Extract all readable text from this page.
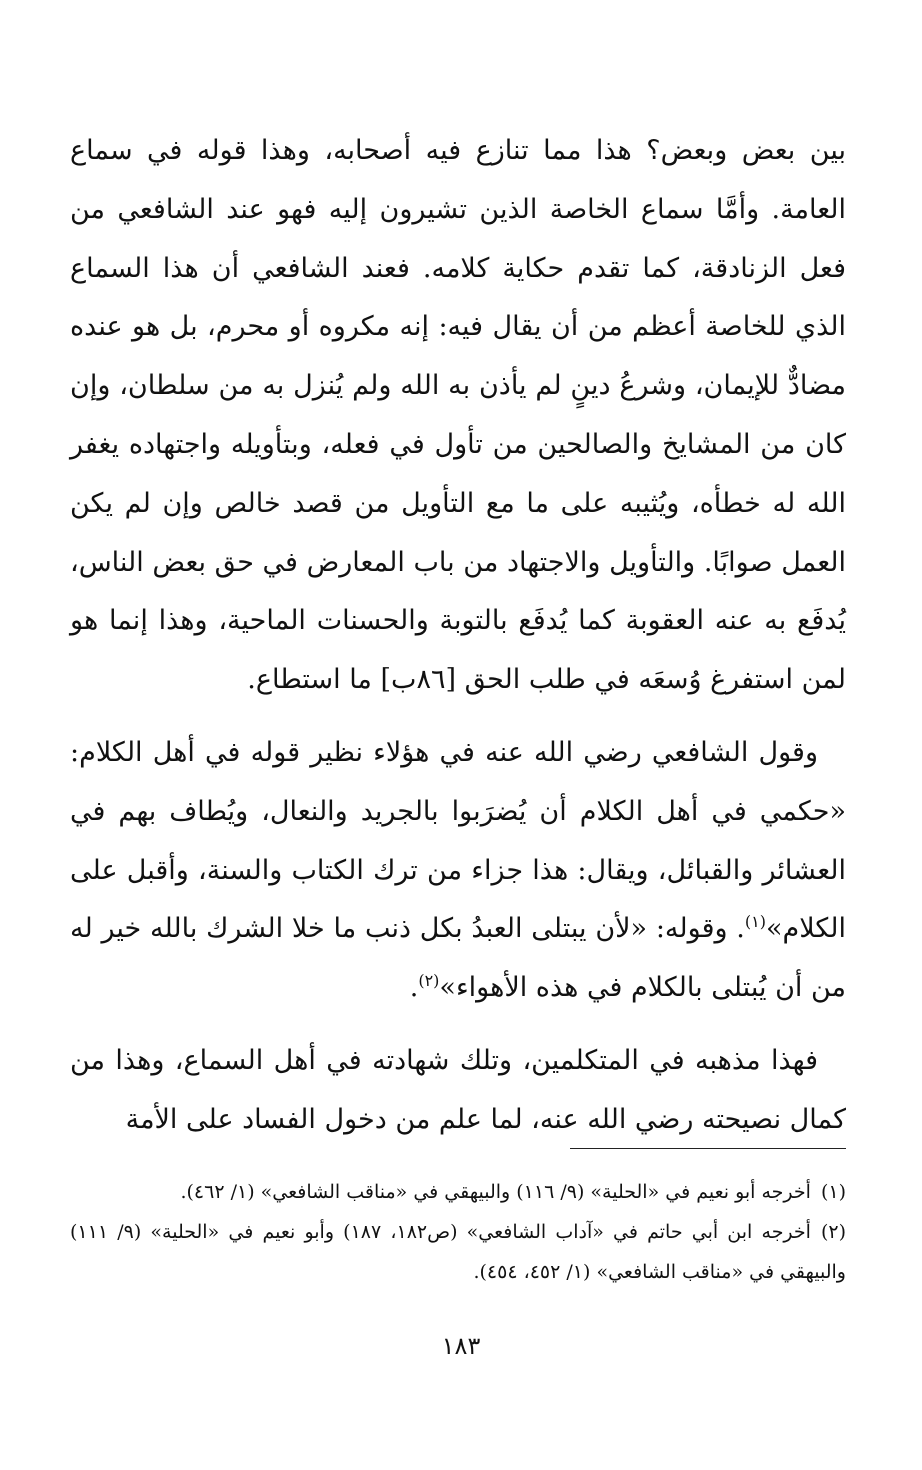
بين بعض وبعض؟ هذا مما تنازع فيه أصحابه، وهذا قوله في سماع العامة. وأمَّا سماع الخاصة الذين تشيرون إليه فهو عند الشافعي من فعل الزنادقة، كما تقدم حكاية كلامه. فعند الشافعي أن هذا السماع الذي للخاصة أعظم من أن يقال فيه: إنه مكروه أو محرم، بل هو عنده مضادٌّ للإيمان، وشرعُ دينٍ لم يأذن به الله ولم يُنزل به من سلطان، وإن كان من المشايخ والصالحين من تأول في فعله، وبتأويله واجتهاده يغفر الله له خطأه، ويُثيبه على ما مع التأويل من قصد خالص وإن لم يكن العمل صوابًا. والتأويل والاجتهاد من باب المعارض في حق بعض الناس، يُدفَع به عنه العقوبة كما يُدفَع بالتوبة والحسنات الماحية، وهذا إنما هو لمن استفرغ وُسعَه في طلب الحق [٨٦ب] ما استطاع.

وقول الشافعي رضي الله عنه في هؤلاء نظير قوله في أهل الكلام: «حكمي في أهل الكلام أن يُضرَبوا بالجريد والنعال، ويُطاف بهم في العشائر والقبائل، ويقال: هذا جزاء من ترك الكتاب والسنة، وأقبل على الكلام»$^{(١)}$. وقوله: «لأن يبتلى العبدُ بكل ذنب ما خلا الشرك بالله خير له من أن يُبتلى بالكلام في هذه الأهواء»$^{(٢)}$.

فهذا مذهبه في المتكلمين، وتلك شهادته في أهل السماع، وهذا من كمال نصيحته رضي الله عنه، لما علم من دخول الفساد على الأمة

(١)أخرجه أبو نعيم في «الحلية» (٩/ ١١٦) والبيهقي في «مناقب الشافعي» (١/ ٤٦٢).

(٢)أخرجه ابن أبي حاتم في «آداب الشافعي» (ص١٨٢، ١٨٧) وأبو نعيم في «الحلية» (٩/ ١١١) والبيهقي في «مناقب الشافعي» (١/ ٤٥٢، ٤٥٤).

١٨٣
